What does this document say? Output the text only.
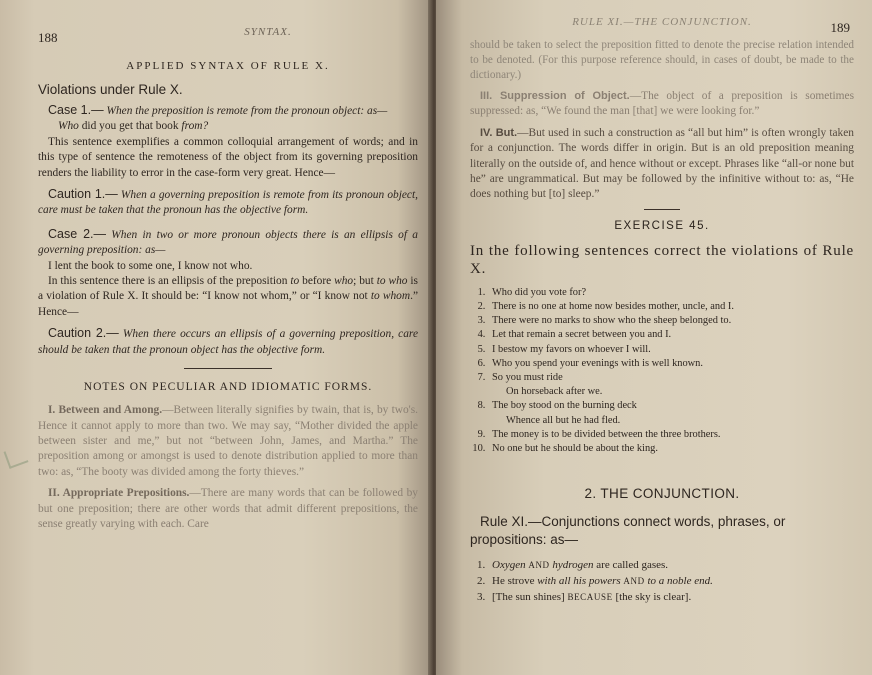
188	SYNTAX.
APPLIED SYNTAX OF RULE X.
Violations under Rule X.

Case 1.— When the preposition is remote from the pronoun object: as—

Who did you get that book from?

This sentence exemplifies a common colloquial arrangement of words; and in this type of sentence the remoteness of the object from its governing preposition renders the liability to error in the case-form very great. Hence—

Caution 1.— When a governing preposition is remote from its pronoun object, care must be taken that the pronoun has the objective form.

Case 2.— When in two or more pronoun objects there is an ellipsis of a governing preposition: as—

I lent the book to some one, I know not who.

In this sentence there is an ellipsis of the preposition to before who; but to who is a violation of Rule X. It should be: “I know not whom,” or “I know not to whom.” Hence—

Caution 2.— When there occurs an ellipsis of a governing preposition, care should be taken that the pronoun object has the objective form.

NOTES ON PECULIAR AND IDIOMATIC FORMS.

I. Between and Among.—Between literally signifies by twain, that is, by two's. Hence it cannot apply to more than two. We may say, “Mother divided the apple between sister and me,” but not “between John, James, and Martha.” The preposition among or amongst is used to denote distribution applied to more than two: as, “The booty was divided among the forty thieves.”

II. Appropriate Prepositions.—There are many words that can be followed by but one preposition; there are other words that admit different prepositions, the sense greatly varying with each. Care

RULE XI.—THE CONJUNCTION.	189

should be taken to select the preposition fitted to denote the precise relation intended to be denoted. (For this purpose reference should, in cases of doubt, be made to the dictionary.)

III. Suppression of Object.—The object of a preposition is sometimes suppressed: as, “We found the man [that] we were looking for.”

IV. But.—But used in such a construction as “all but him” is often wrongly taken for a conjunction. The words differ in origin. But is an old preposition meaning literally on the outside of, and hence without or except. Phrases like “all-or none but he” are ungrammatical. But may be followed by the infinitive without to: as, “He does nothing but [to] sleep.”

EXERCISE 45.

In the following sentences correct the violations of Rule X.

1. Who did you vote for?
2. There is no one at home now besides mother, uncle, and I.
3. There were no marks to show who the sheep belonged to.
4. Let that remain a secret between you and I.
5. I bestow my favors on whoever I will.
6. Who you spend your evenings with is well known.
7. So you must ride
On horseback after we.
8. The boy stood on the burning deck
Whence all but he had fled.
9. The money is to be divided between the three brothers.
10. No one but he should be about the king.
2. THE CONJUNCTION.

Rule XI.—Conjunctions connect words, phrases, or propositions: as—

1. Oxygen AND hydrogen are called gases.
2. He strove with all his powers AND to a noble end.
3. [The sun shines] BECAUSE [the sky is clear].
